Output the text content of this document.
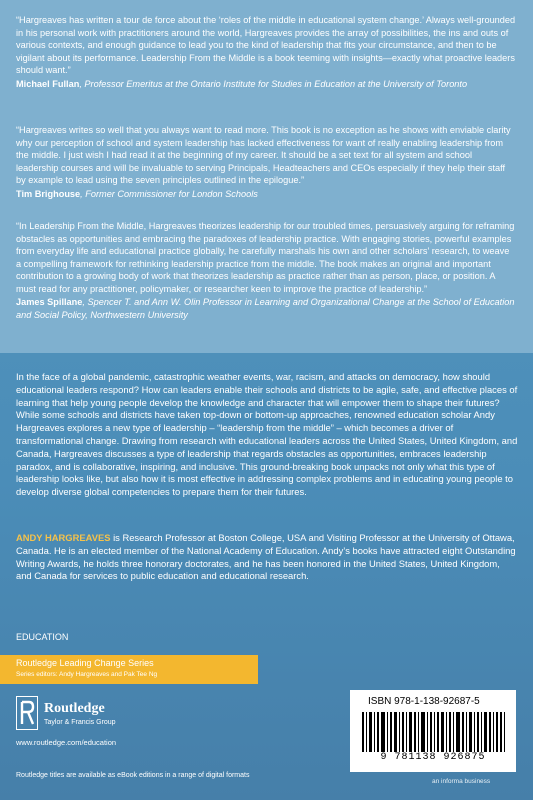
“Hargreaves has written a tour de force about the ‘roles of the middle in educational system change.’ Always well-grounded in his personal work with practitioners around the world, Hargreaves provides the array of possibilities, the ins and outs of various contexts, and enough guidance to lead you to the kind of leadership that fits your circumstance, and then to be vigilant about its performance. Leadership From the Middle is a book teeming with insights—exactly what proactive leaders should want.”

Michael Fullan, Professor Emeritus at the Ontario Institute for Studies in Education at the University of Toronto

“Hargreaves writes so well that you always want to read more. This book is no exception as he shows with enviable clarity why our perception of school and system leadership has lacked effectiveness for want of really enabling leadership from the middle. I just wish I had read it at the beginning of my career. It should be a set text for all system and school leadership courses and will be invaluable to serving Principals, Headteachers and CEOs especially if they help their staff by example to lead using the seven principles outlined in the epilogue.”

Tim Brighouse, Former Commissioner for London Schools

“In Leadership From the Middle, Hargreaves theorizes leadership for our troubled times, persuasively arguing for reframing obstacles as opportunities and embracing the paradoxes of leadership practice. With engaging stories, powerful examples from everyday life and educational practice globally, he carefully marshals his own and other scholars’ research, to weave a compelling framework for rethinking leadership practice from the middle. The book makes an original and important contribution to a growing body of work that theorizes leadership as practice rather than as person, place, or position. A must read for any practitioner, policymaker, or researcher keen to improve the practice of leadership.”

James Spillane, Spencer T. and Ann W. Olin Professor in Learning and Organizational Change at the School of Education and Social Policy, Northwestern University

In the face of a global pandemic, catastrophic weather events, war, racism, and attacks on democracy, how should educational leaders respond? How can leaders enable their schools and districts to be agile, safe, and effective places of learning that help young people develop the knowledge and character that will empower them to shape their futures? While some schools and districts have taken top-down or bottom-up approaches, renowned education scholar Andy Hargreaves explores a new type of leadership – “leadership from the middle” – which becomes a driver of transformational change. Drawing from research with educational leaders across the United States, United Kingdom, and Canada, Hargreaves discusses a type of leadership that regards obstacles as opportunities, embraces leadership paradox, and is collaborative, inspiring, and inclusive. This ground-breaking book unpacks not only what this type of leadership looks like, but also how it is most effective in addressing complex problems and in educating young people to develop diverse global competencies to prepare them for their futures.
ANDY HARGREAVES is Research Professor at Boston College, USA and Visiting Professor at the University of Ottawa, Canada. He is an elected member of the National Academy of Education. Andy’s books have attracted eight Outstanding Writing Awards, he holds three honorary doctorates, and he has been honored in the United States, United Kingdom, and Canada for services to public education and educational research.
EDUCATION
Routledge Leading Change Series
Series editors: Andy Hargreaves and Pak Tee Ng
Routledge
Taylor & Francis Group
www.routledge.com/education
Routledge titles are available as eBook editions in a range of digital formats
ISBN 978-1-138-92687-5
9 781138 926875
an informa business
